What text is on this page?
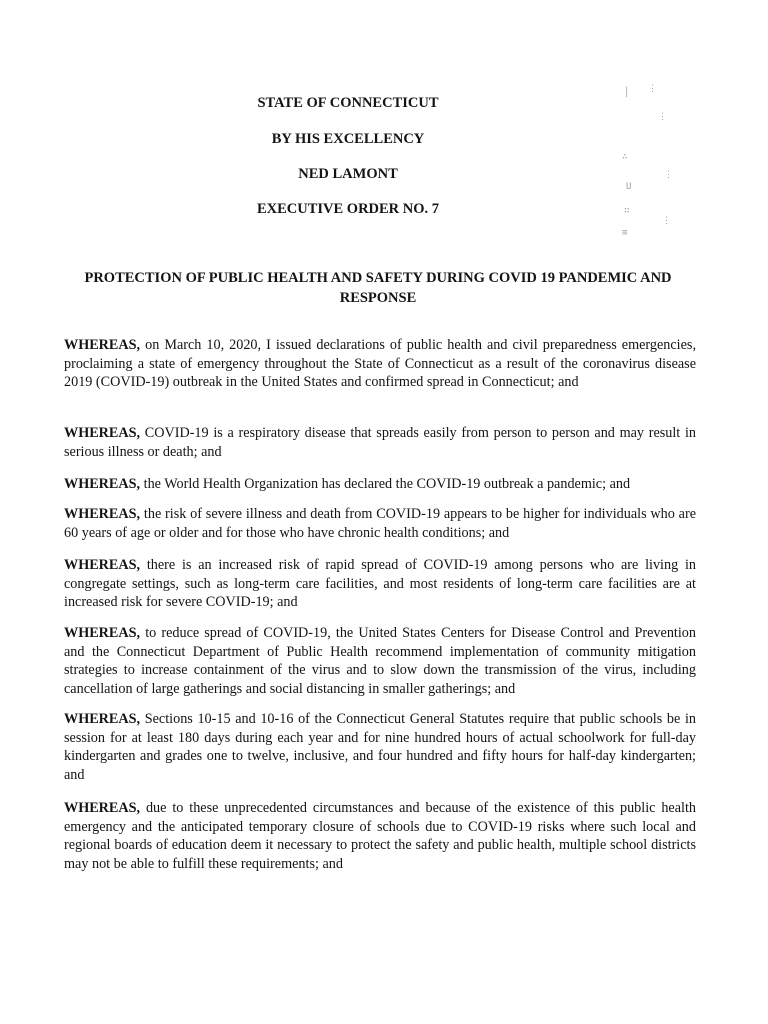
STATE OF CONNECTICUT
BY HIS EXCELLENCY
NED LAMONT
EXECUTIVE ORDER NO. 7
│ ⋮
∴
U
∷
≡
⋮
⋮
⋮
PROTECTION OF PUBLIC HEALTH AND SAFETY DURING COVID 19 PANDEMIC AND RESPONSE

WHEREAS, on March 10, 2020, I issued declarations of public health and civil preparedness emergencies, proclaiming a state of emergency throughout the State of Connecticut as a result of the coronavirus disease 2019 (COVID-19) outbreak in the United States and confirmed spread in Connecticut; and

WHEREAS, COVID-19 is a respiratory disease that spreads easily from person to person and may result in serious illness or death; and

WHEREAS, the World Health Organization has declared the COVID-19 outbreak a pandemic; and

WHEREAS, the risk of severe illness and death from COVID-19 appears to be higher for individuals who are 60 years of age or older and for those who have chronic health conditions; and

WHEREAS, there is an increased risk of rapid spread of COVID-19 among persons who are living in congregate settings, such as long-term care facilities, and most residents of long-term care facilities are at increased risk for severe COVID-19; and

WHEREAS, to reduce spread of COVID-19, the United States Centers for Disease Control and Prevention and the Connecticut Department of Public Health recommend implementation of community mitigation strategies to increase containment of the virus and to slow down the transmission of the virus, including cancellation of large gatherings and social distancing in smaller gatherings; and

WHEREAS, Sections 10-15 and 10-16 of the Connecticut General Statutes require that public schools be in session for at least 180 days during each year and for nine hundred hours of actual schoolwork for full-day kindergarten and grades one to twelve, inclusive, and four hundred and fifty hours for half-day kindergarten; and

WHEREAS, due to these unprecedented circumstances and because of the existence of this public health emergency and the anticipated temporary closure of schools due to COVID-19 risks where such local and regional boards of education deem it necessary to protect the safety and public health, multiple school districts may not be able to fulfill these requirements; and
